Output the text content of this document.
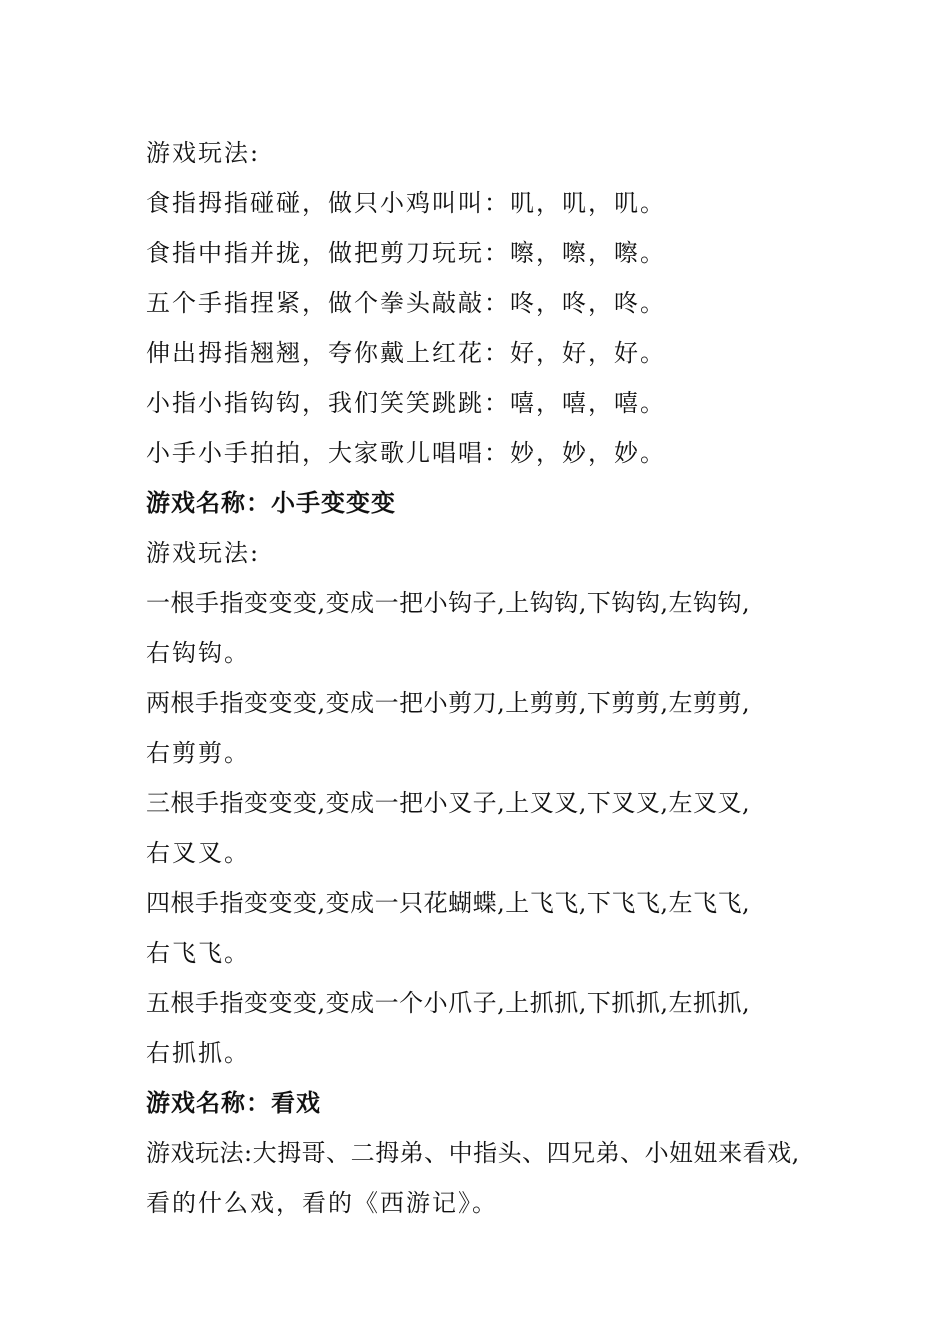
游戏玩法:
食指拇指碰碰，做只小鸡叫叫：叽，叽，叽。
食指中指并拢，做把剪刀玩玩：嚓，嚓，嚓。
五个手指捏紧，做个拳头敲敲：咚，咚，咚。
伸出拇指翘翘，夸你戴上红花：好，好，好。
小指小指钩钩，我们笑笑跳跳：嘻，嘻，嘻。
小手小手拍拍，大家歌儿唱唱：妙，妙，妙。
游戏名称：小手变变变
游戏玩法:
一根手指变变变,变成一把小钩子,上钩钩,下钩钩,左钩钩,
右钩钩。
两根手指变变变,变成一把小剪刀,上剪剪,下剪剪,左剪剪,
右剪剪。
三根手指变变变,变成一把小叉子,上叉叉,下叉叉,左叉叉,
右叉叉。
四根手指变变变,变成一只花蝴蝶,上飞飞,下飞飞,左飞飞,
右飞飞。
五根手指变变变,变成一个小爪子,上抓抓,下抓抓,左抓抓,
右抓抓。
游戏名称：看戏
游戏玩法:大拇哥、二拇弟、中指头、四兄弟、小妞妞来看戏,
看的什么戏，看的《西游记》。
